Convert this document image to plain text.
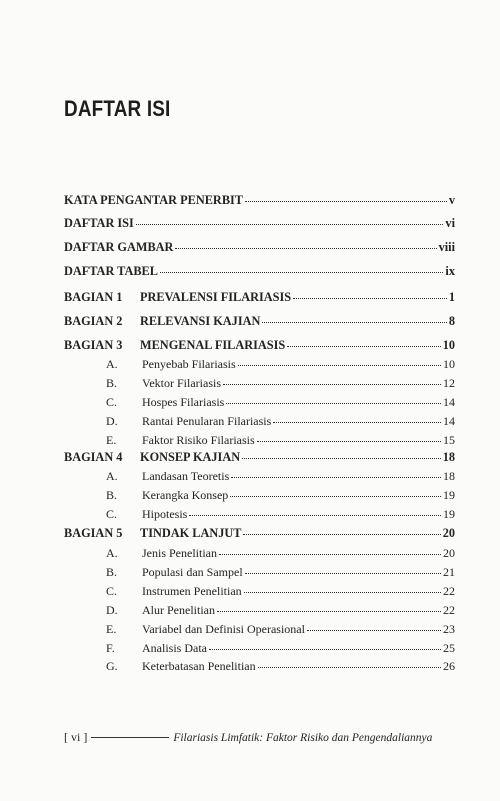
DAFTAR ISI
KATA PENGANTAR PENERBIT	v
DAFTAR ISI	vi
DAFTAR GAMBAR	viii
DAFTAR TABEL	ix
BAGIAN 1	PREVALENSI FILARIASIS	1
BAGIAN 2	RELEVANSI KAJIAN	8
BAGIAN 3	MENGENAL FILARIASIS	10
A.	Penyebab Filariasis	10
B.	Vektor Filariasis	12
C.	Hospes Filariasis	14
D.	Rantai Penularan Filariasis	14
E.	Faktor Risiko Filariasis	15
BAGIAN 4	KONSEP KAJIAN	18
A.	Landasan Teoretis	18
B.	Kerangka Konsep	19
C.	Hipotesis	19
BAGIAN 5	TINDAK LANJUT	20
A.	Jenis Penelitian	20
B.	Populasi dan Sampel	21
C.	Instrumen Penelitian	22
D.	Alur Penelitian	22
E.	Variabel dan Definisi Operasional	23
F.	Analisis Data	25
G.	Keterbatasan Penelitian	26
[ vi ]	Filariasis Limfatik: Faktor Risiko dan Pengendaliannya
